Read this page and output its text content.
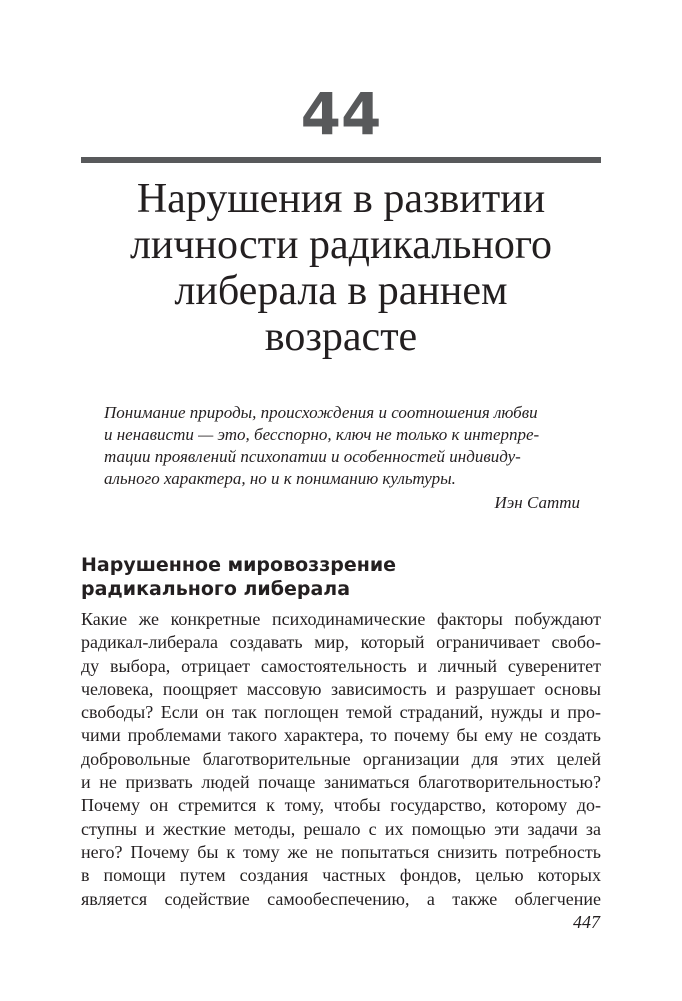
44
Нарушения в развитии
личности радикального
либерала в раннем
возрасте
Понимание природы, происхождения и соотношения любви
и ненависти — это, бесспорно, ключ не только к интерпре-
тации проявлений психопатии и особенностей индивиду-
ального характера, но и к пониманию культуры.
Иэн Сатти
Нарушенное мировоззрение
радикального либерала
Какие же конкретные психодинамические факторы побуждают
радикал-либерала создавать мир, который ограничивает свобо-
ду выбора, отрицает самостоятельность и личный суверенитет
человека, поощряет массовую зависимость и разрушает основы
свободы? Если он так поглощен темой страданий, нужды и про-
чими проблемами такого характера, то почему бы ему не создать
добровольные благотворительные организации для этих целей
и не призвать людей почаще заниматься благотворительностью?
Почему он стремится к тому, чтобы государство, которому до-
ступны и жесткие методы, решало с их помощью эти задачи за
него? Почему бы к тому же не попытаться снизить потребность
в помощи путем создания частных фондов, целью которых
является содействие самообеспечению, а также облегчение
447
